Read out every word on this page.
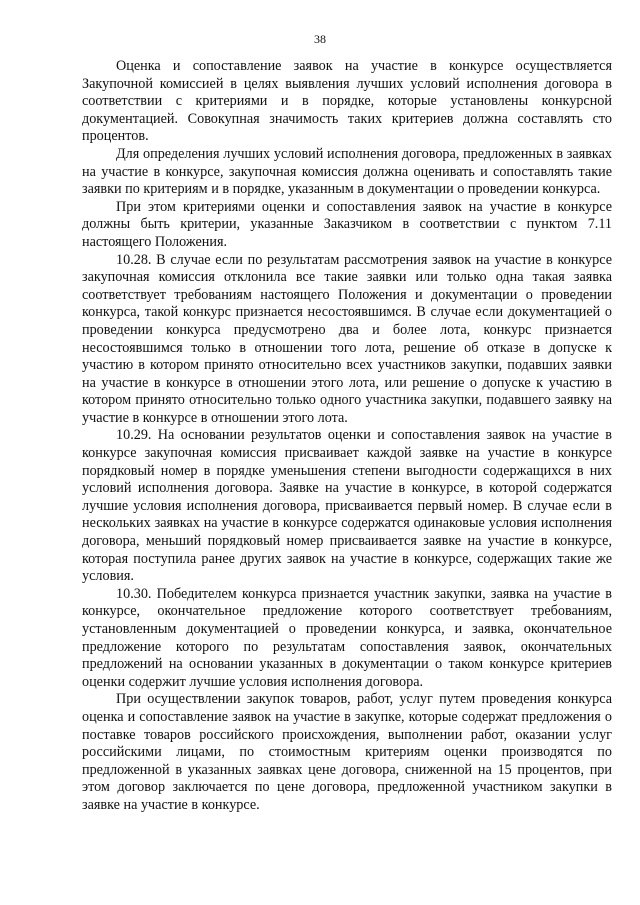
38

Оценка и сопоставление заявок на участие в конкурсе осуществляется Закупочной комиссией в целях выявления лучших условий исполнения договора в соответствии с критериями и в порядке, которые установлены конкурсной документацией. Совокупная значимость таких критериев должна составлять сто процентов.

Для определения лучших условий исполнения договора, предложенных в заявках на участие в конкурсе, закупочная комиссия должна оценивать и сопоставлять такие заявки по критериям и в порядке, указанным в документации о проведении конкурса.

При этом критериями оценки и сопоставления заявок на участие в конкурсе должны быть критерии, указанные Заказчиком в соответствии с пунктом 7.11 настоящего Положения.

10.28. В случае если по результатам рассмотрения заявок на участие в конкурсе закупочная комиссия отклонила все такие заявки или только одна такая заявка соответствует требованиям настоящего Положения и документации о проведении конкурса, такой конкурс признается несостоявшимся. В случае если документацией о проведении конкурса предусмотрено два и более лота, конкурс признается несостоявшимся только в отношении того лота, решение об отказе в допуске к участию в котором принято относительно всех участников закупки, подавших заявки на участие в конкурсе в отношении этого лота, или решение о допуске к участию в котором принято относительно только одного участника закупки, подавшего заявку на участие в конкурсе в отношении этого лота.

10.29. На основании результатов оценки и сопоставления заявок на участие в конкурсе закупочная комиссия присваивает каждой заявке на участие в конкурсе порядковый номер в порядке уменьшения степени выгодности содержащихся в них условий исполнения договора. Заявке на участие в конкурсе, в которой содержатся лучшие условия исполнения договора, присваивается первый номер. В случае если в нескольких заявках на участие в конкурсе содержатся одинаковые условия исполнения договора, меньший порядковый номер присваивается заявке на участие в конкурсе, которая поступила ранее других заявок на участие в конкурсе, содержащих такие же условия.

10.30. Победителем конкурса признается участник закупки, заявка на участие в конкурсе, окончательное предложение которого соответствует требованиям, установленным документацией о проведении конкурса, и заявка, окончательное предложение которого по результатам сопоставления заявок, окончательных предложений на основании указанных в документации о таком конкурсе критериев оценки содержит лучшие условия исполнения договора.

При осуществлении закупок товаров, работ, услуг путем проведения конкурса оценка и сопоставление заявок на участие в закупке, которые содержат предложения о поставке товаров российского происхождения, выполнении работ, оказании услуг российскими лицами, по стоимостным критериям оценки производятся по предложенной в указанных заявках цене договора, сниженной на 15 процентов, при этом договор заключается по цене договора, предложенной участником закупки в заявке на участие в конкурсе.
